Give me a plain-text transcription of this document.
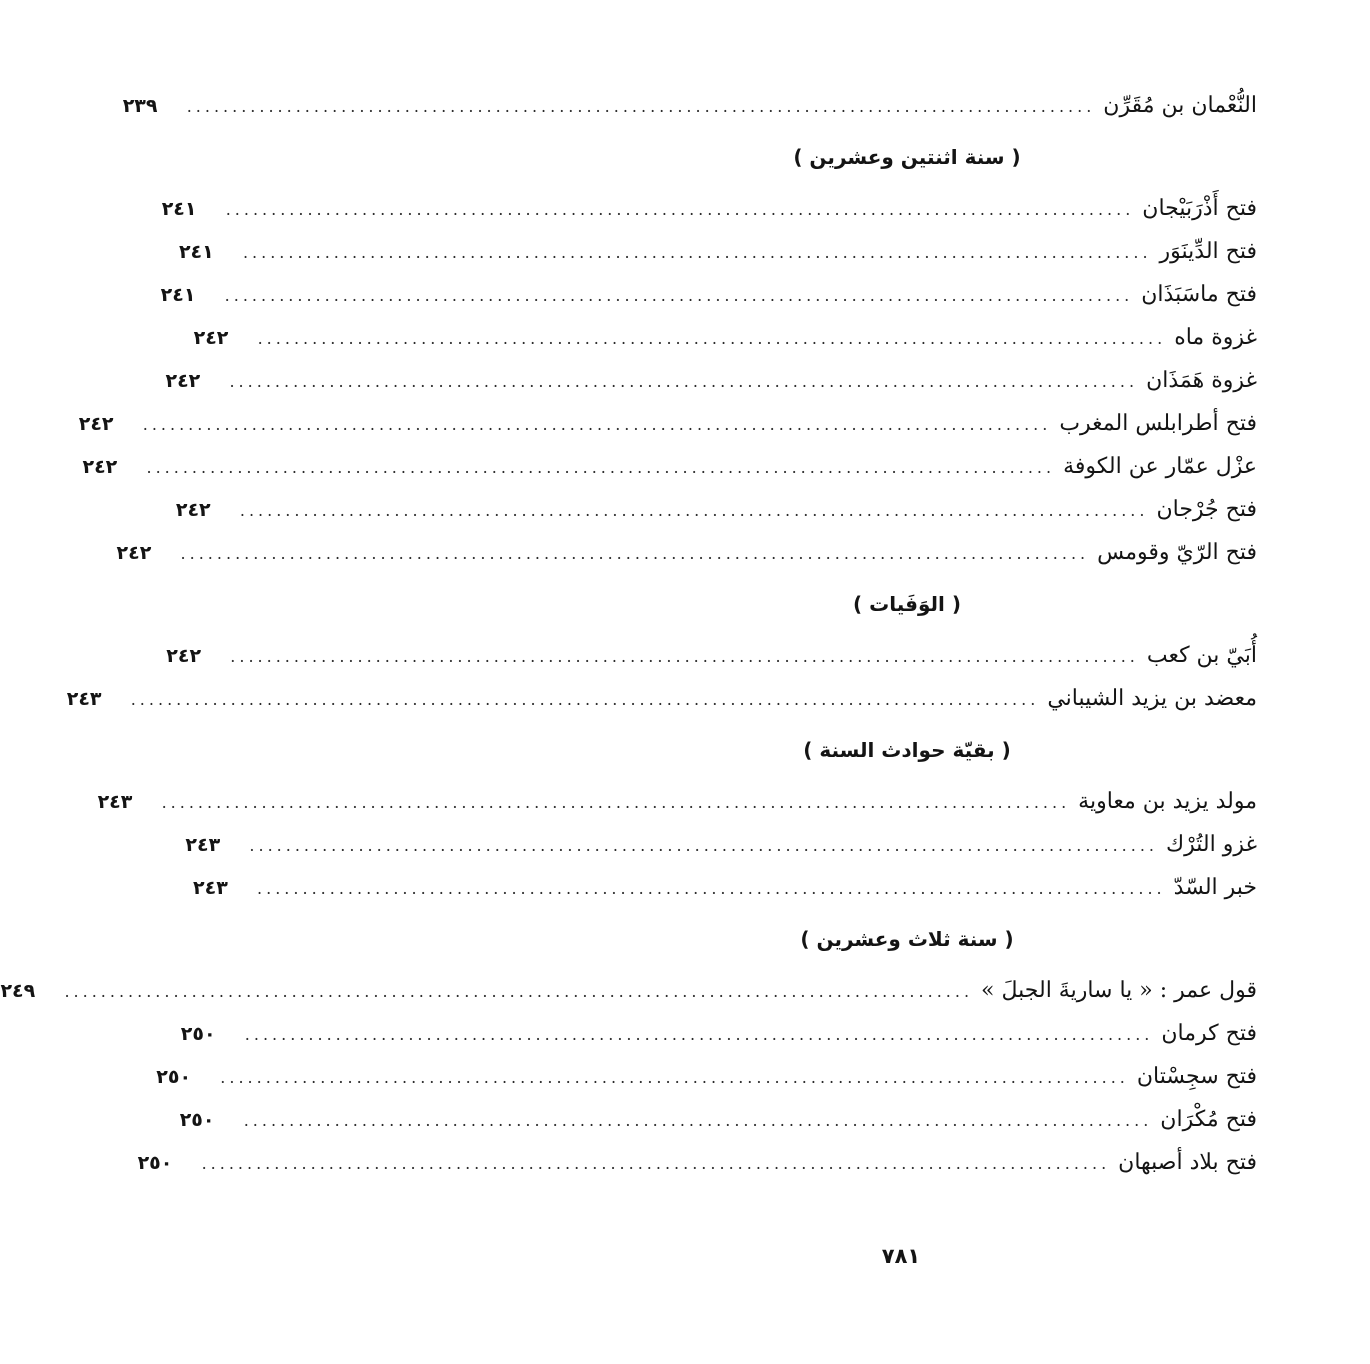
النُّعْمان بن مُقَرِّن
....................................................................................................
٢٣٩
( سنة اثنتين وعشرين )
فتح أَذْرَبَيْجان
....................................................................................................
٢٤١
فتح الدِّينَوَر
....................................................................................................
٢٤١
فتح ماسَبَذَان
....................................................................................................
٢٤١
غزوة ماه
....................................................................................................
٢٤٢
غزوة هَمَذَان
....................................................................................................
٢٤٢
فتح أطرابلس المغرب
....................................................................................................
٢٤٢
عزْل عمّار عن الكوفة
....................................................................................................
٢٤٢
فتح جُرْجان
....................................................................................................
٢٤٢
فتح الرّيّ وقومس
....................................................................................................
٢٤٢
( الوَفَيات )
أُبَيّ بن كعب
....................................................................................................
٢٤٢
معضد بن يزيد الشيباني
....................................................................................................
٢٤٣
( بقيّة حوادث السنة )
مولد يزيد بن معاوية
....................................................................................................
٢٤٣
غزو التُرْك
....................................................................................................
٢٤٣
خبر السّدّ
....................................................................................................
٢٤٣
( سنة ثلاث وعشرين )
قول عمر : « يا ساريةَ الجبلَ »
....................................................................................................
٢٤٩
فتح كرمان
....................................................................................................
٢٥٠
فتح سجِسْتان
....................................................................................................
٢٥٠
فتح مُكْرَان
....................................................................................................
٢٥٠
فتح بلاد أصبهان
....................................................................................................
٢٥٠
٧٨١
